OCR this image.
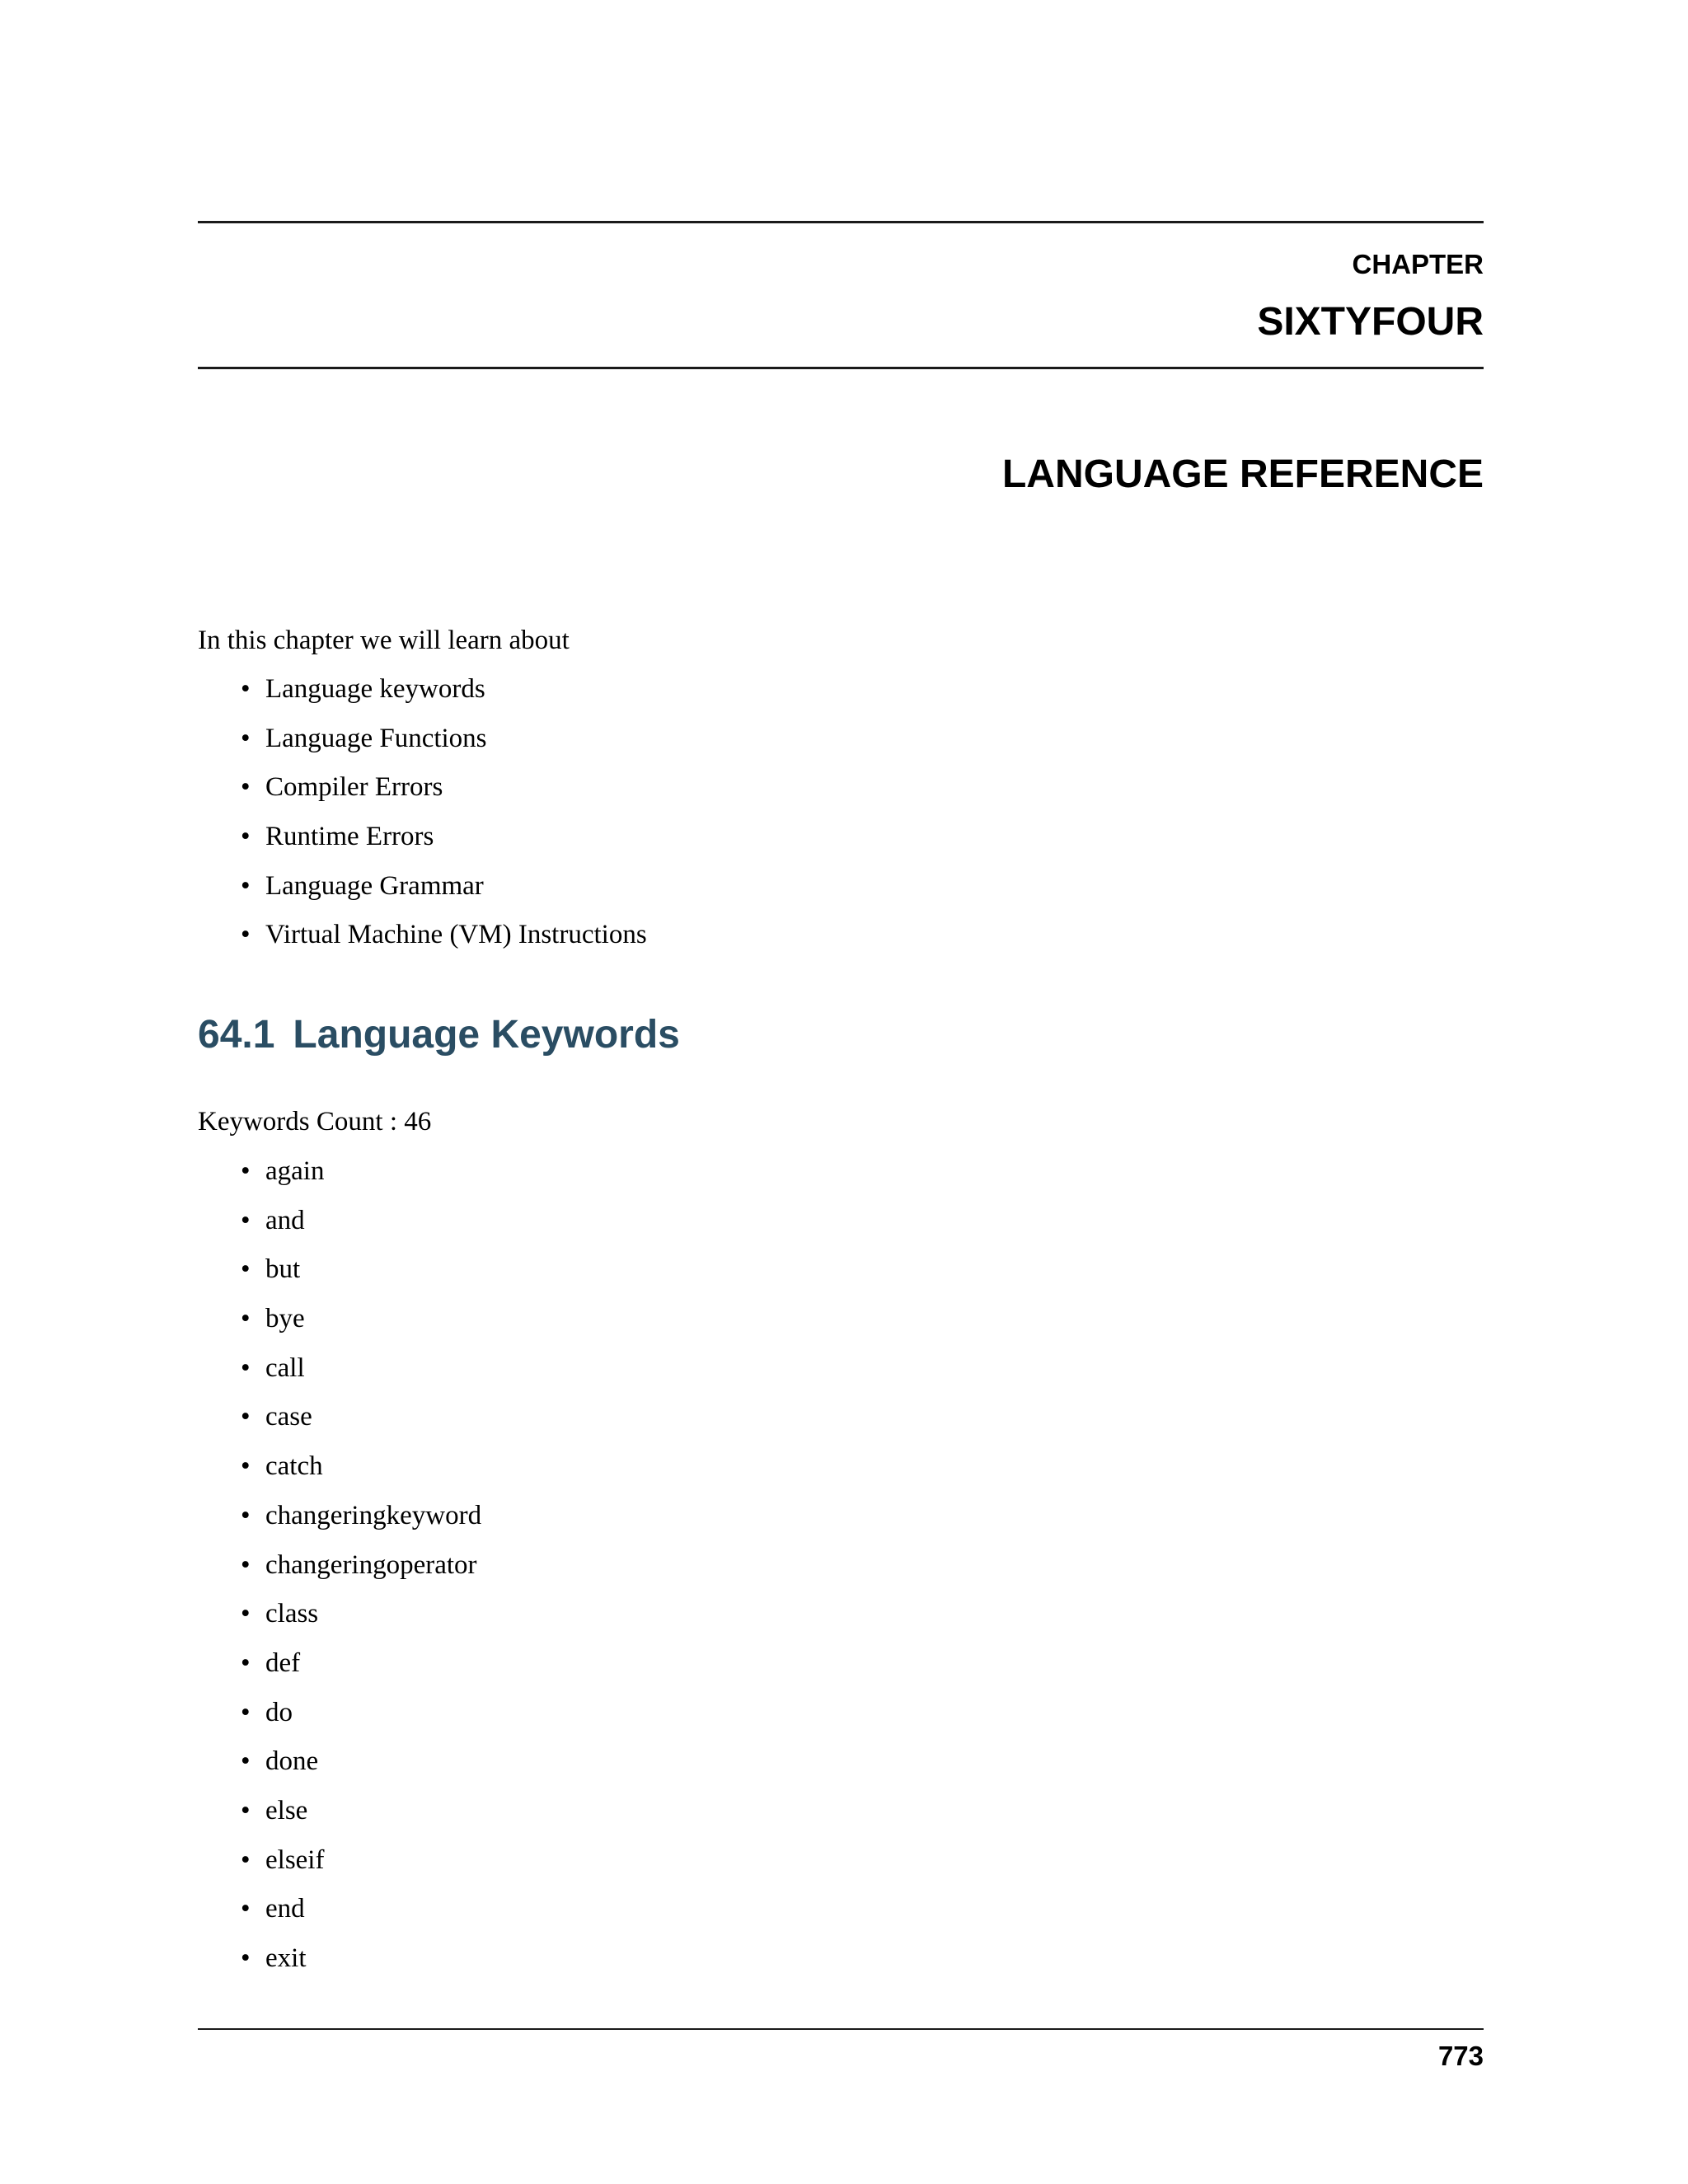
CHAPTER

SIXTYFOUR

LANGUAGE REFERENCE

In this chapter we will learn about

• Language keywords
• Language Functions
• Compiler Errors
• Runtime Errors
• Language Grammar
• Virtual Machine (VM) Instructions
64.1 Language Keywords

Keywords Count : 46

• again
• and
• but
• bye
• call
• case
• catch
• changeringkeyword
• changeringoperator
• class
• def
• do
• done
• else
• elseif
• end
• exit

773
